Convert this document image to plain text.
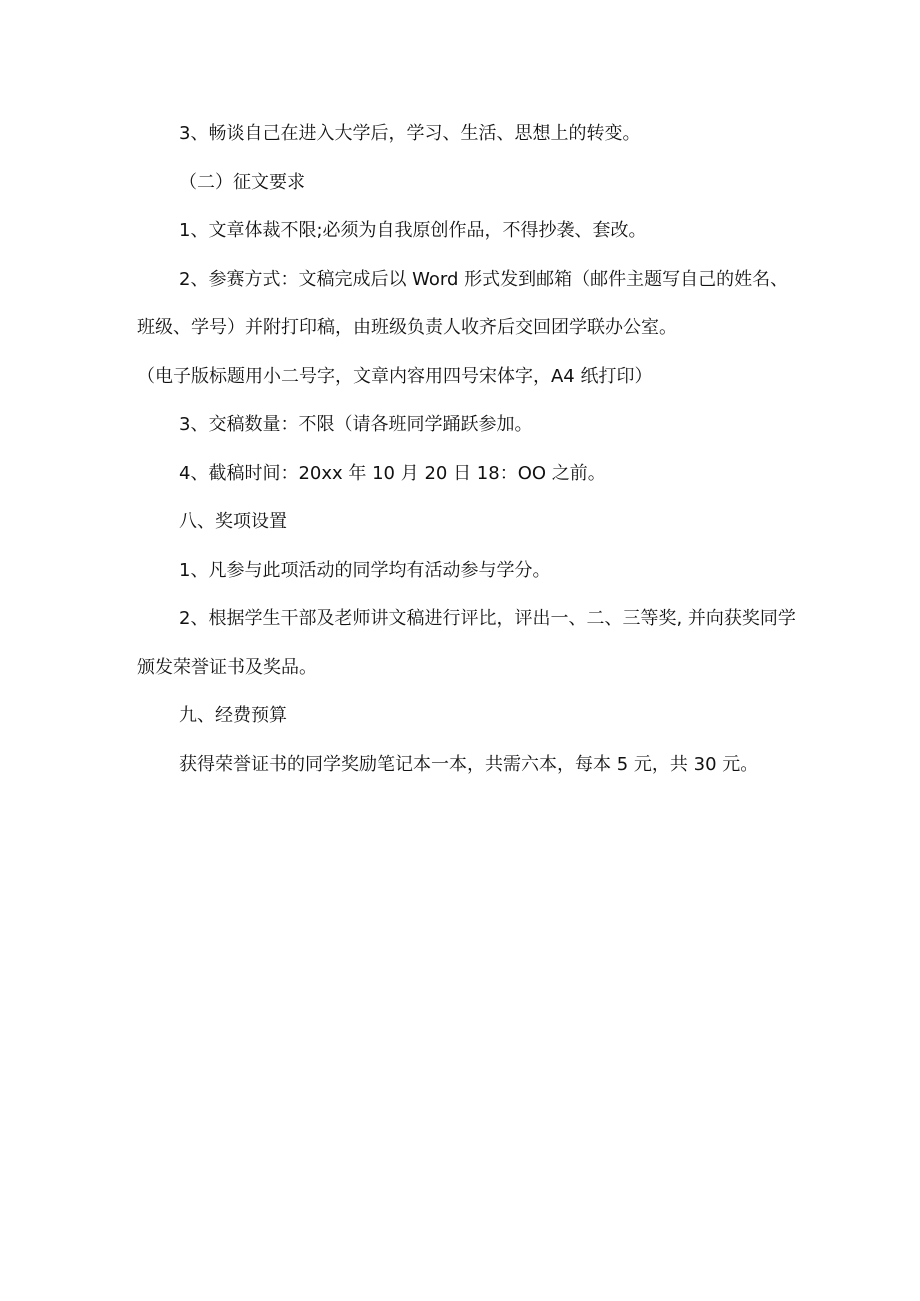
3、畅谈自己在进入大学后，学习、生活、思想上的转变。

（二）征文要求

1、文章体裁不限;必须为自我原创作品，不得抄袭、套改。

2、参赛方式：文稿完成后以 Word 形式发到邮箱（邮件主题写自己的姓名、班级、学号）并附打印稿，由班级负责人收齐后交回团学联办公室。

（电子版标题用小二号字，文章内容用四号宋体字，A4 纸打印）

3、交稿数量：不限（请各班同学踊跃参加。

4、截稿时间：20xx 年 10 月 20 日 18：OO 之前。

八、奖项设置

1、凡参与此项活动的同学均有活动参与学分。

2、根据学生干部及老师讲文稿进行评比，评出一、二、三等奖, 并向获奖同学颁发荣誉证书及奖品。

九、经费预算

获得荣誉证书的同学奖励笔记本一本，共需六本，每本 5 元，共 30 元。
